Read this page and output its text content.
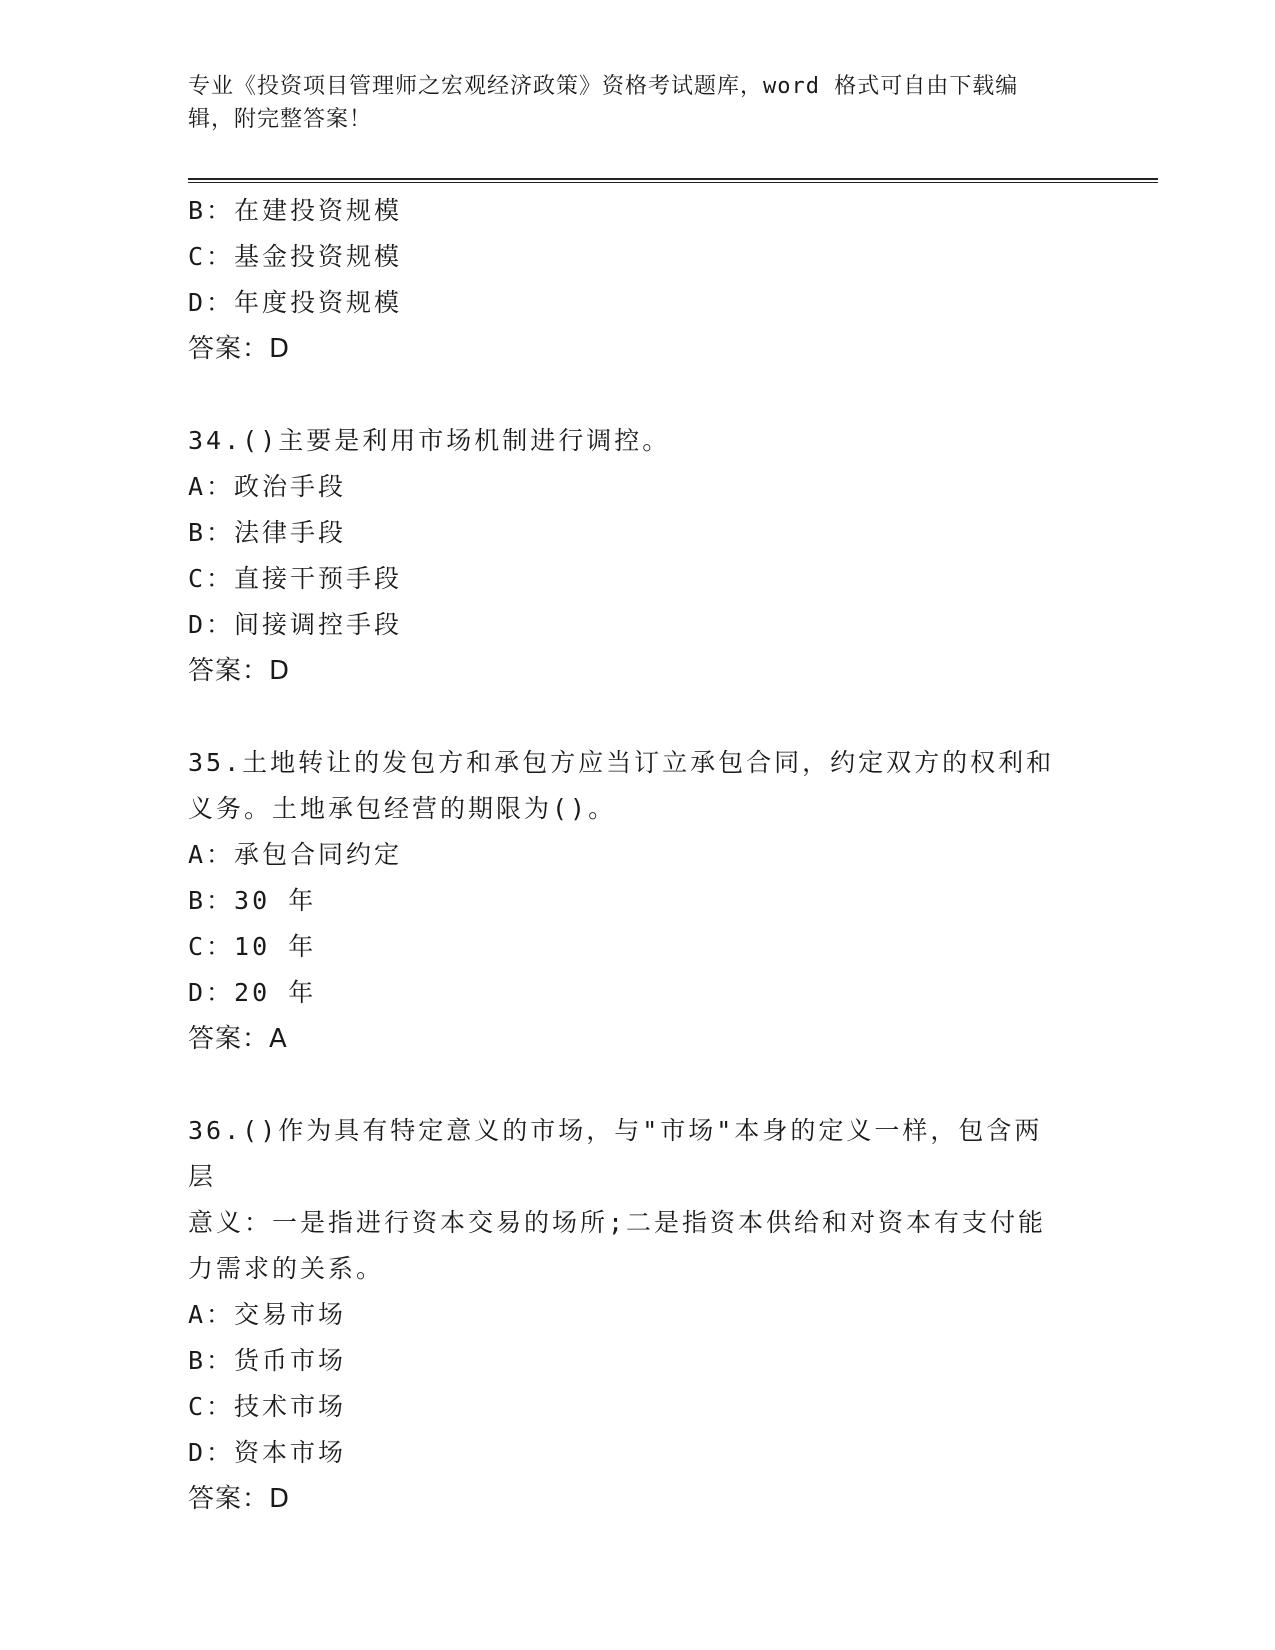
专业《投资项目管理师之宏观经济政策》资格考试题库，word 格式可自由下载编

辑，附完整答案！

B：在建投资规模
C：基金投资规模
D：年度投资规模
答案：D
34.()主要是利用市场机制进行调控。
A：政治手段
B：法律手段
C：直接干预手段
D：间接调控手段
答案：D
35.土地转让的发包方和承包方应当订立承包合同，约定双方的权利和
义务。土地承包经营的期限为()。
A：承包合同约定
B：30 年
C：10 年
D：20 年
答案：A
36.()作为具有特定意义的市场，与"市场"本身的定义一样，包含两层
意义：一是指进行资本交易的场所;二是指资本供给和对资本有支付能
力需求的关系。
A：交易市场
B：货币市场
C：技术市场
D：资本市场
答案：D
